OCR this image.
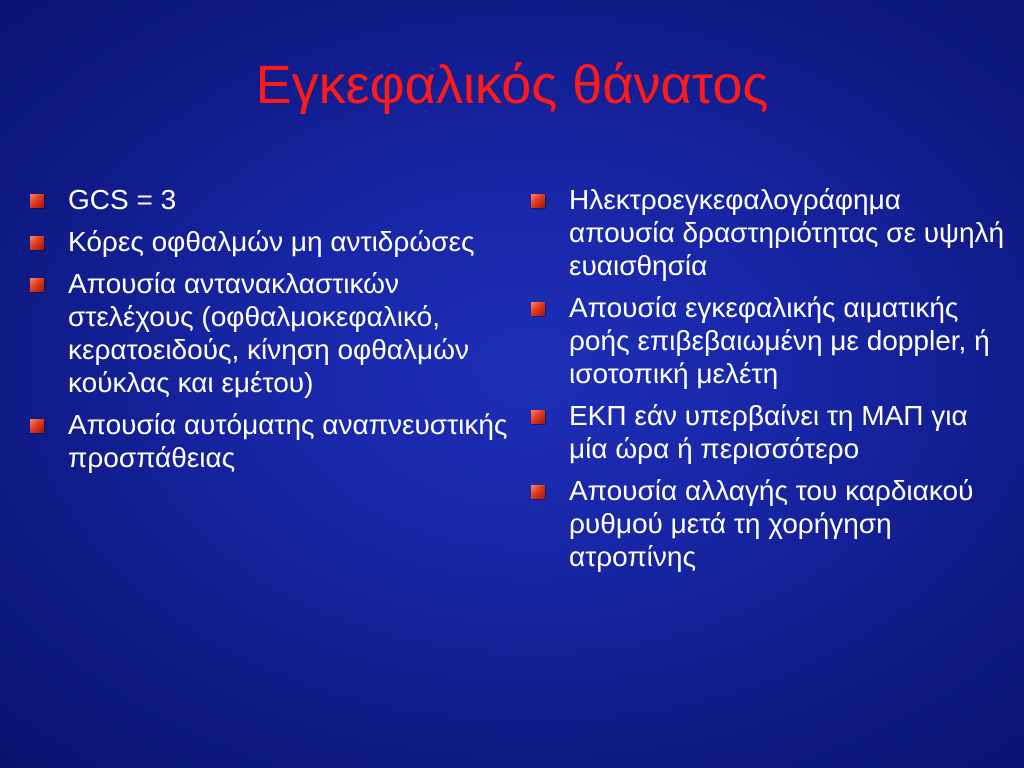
Εγκεφαλικός θάνατος
GCS = 3
Κόρες οφθαλμών μη αντιδρώσες
Απουσία αντανακλαστικών στελέχους (οφθαλμοκεφαλικό, κερατοειδούς, κίνηση οφθαλμών κούκλας και εμέτου)
Απουσία αυτόματης αναπνευστικής προσπάθειας
Ηλεκτροεγκεφαλογράφημα απουσία δραστηριότητας σε υψηλή ευαισθησία
Απουσία εγκεφαλικής αιματικής ροής επιβεβαιωμένη με doppler, ή ισοτοπική μελέτη
ΕΚΠ εάν υπερβαίνει τη ΜΑΠ για μία ώρα ή περισσότερο
Απουσία αλλαγής του καρδιακού ρυθμού μετά τη χορήγηση ατροπίνης
